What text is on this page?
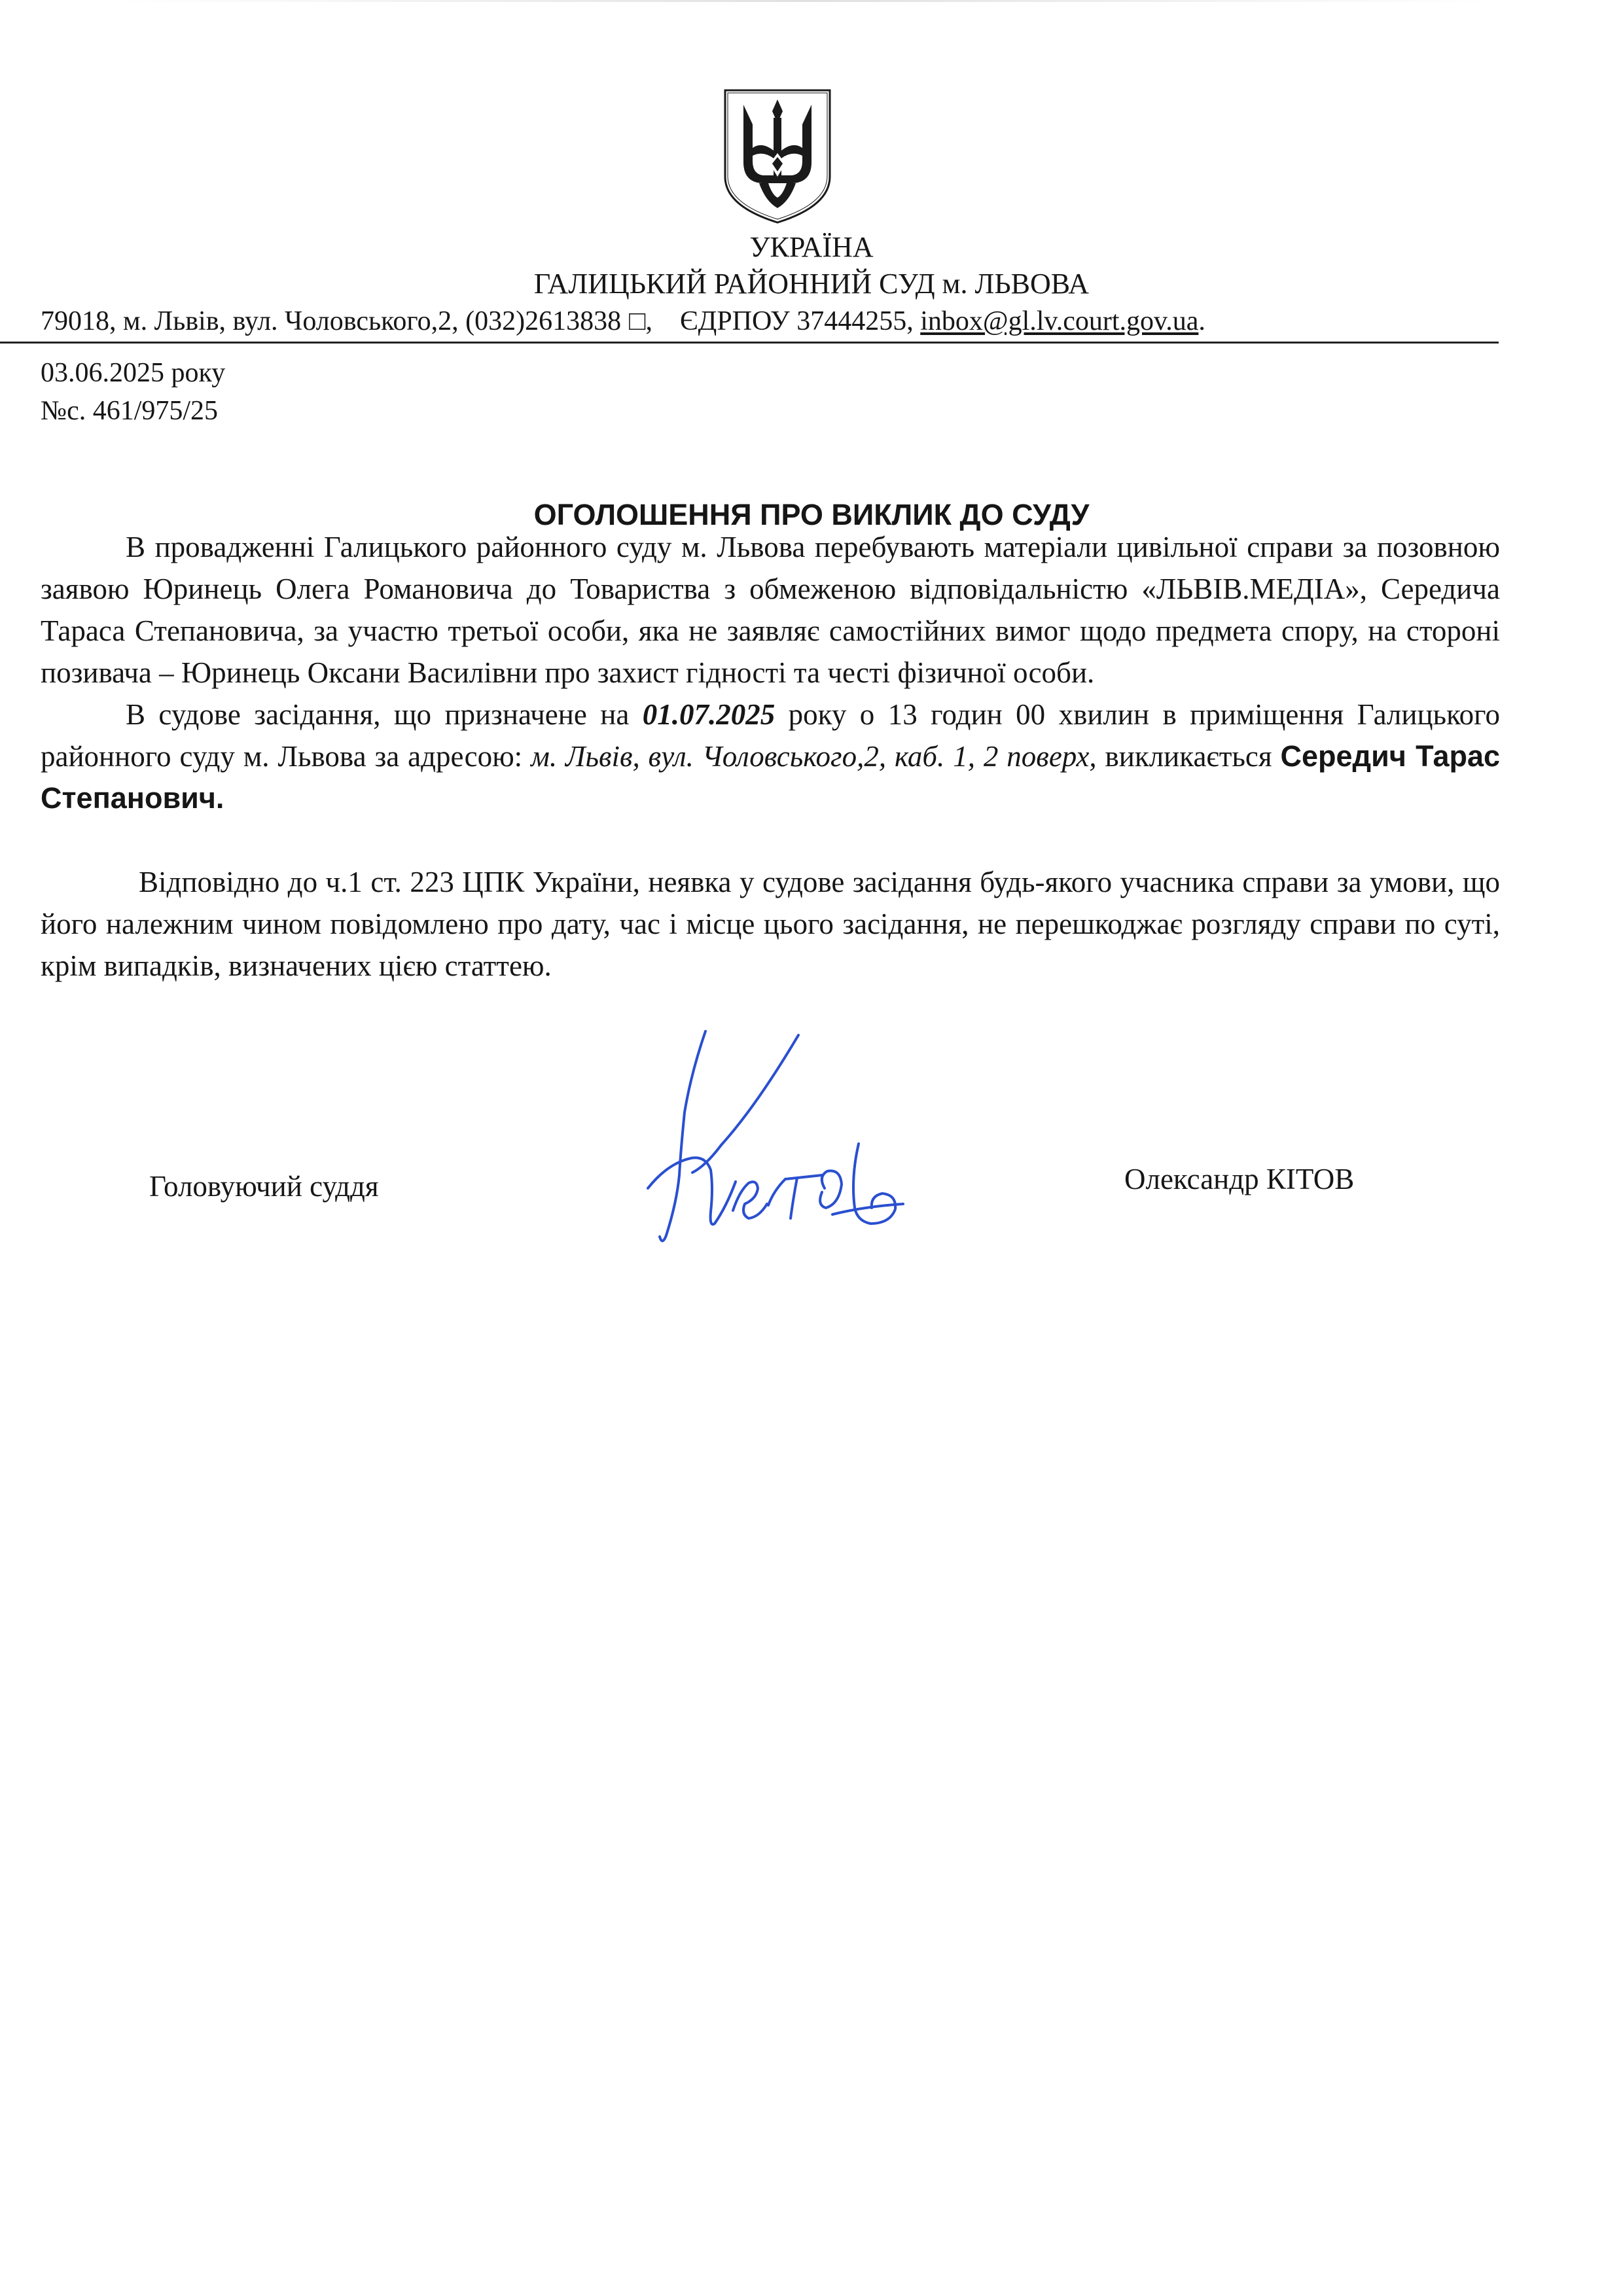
УКРАЇНА
ГАЛИЦЬКИЙ РАЙОННИЙ СУД м. ЛЬВОВА
79018, м. Львів, вул. Чоловського,2, (032)2613838 □,    ЄДРПОУ 37444255, inbox@gl.lv.court.gov.ua.
03.06.2025 року
№с. 461/975/25
ОГОЛОШЕННЯ ПРО ВИКЛИК ДО СУДУ

В провадженні Галицького районного суду м. Львова перебувають матеріали цивільної справи за позовною заявою Юринець Олега Романовича до Товариства з обмеженою відповідальністю «ЛЬВІВ.МЕДІА», Середича Тараса Степановича, за участю третьої особи, яка не заявляє самостійних вимог щодо предмета спору, на стороні позивача – Юринець Оксани Василівни про захист гідності та честі фізичної особи.

В судове засідання, що призначене на 01.07.2025 року о 13 годин 00 хвилин в приміщення Галицького районного суду м. Львова за адресою: м. Львів, вул. Чоловського,2, каб. 1, 2 поверх, викликається Середич Тарас Степанович.

Відповідно до ч.1 ст. 223 ЦПК України, неявка у судове засідання будь-якого учасника справи за умови, що його належним чином повідомлено про дату, час і місце цього засідання, не перешкоджає розгляду справи по суті, крім випадків, визначених цією статтею.

Головуючий суддя	Олександр КІТОВ
